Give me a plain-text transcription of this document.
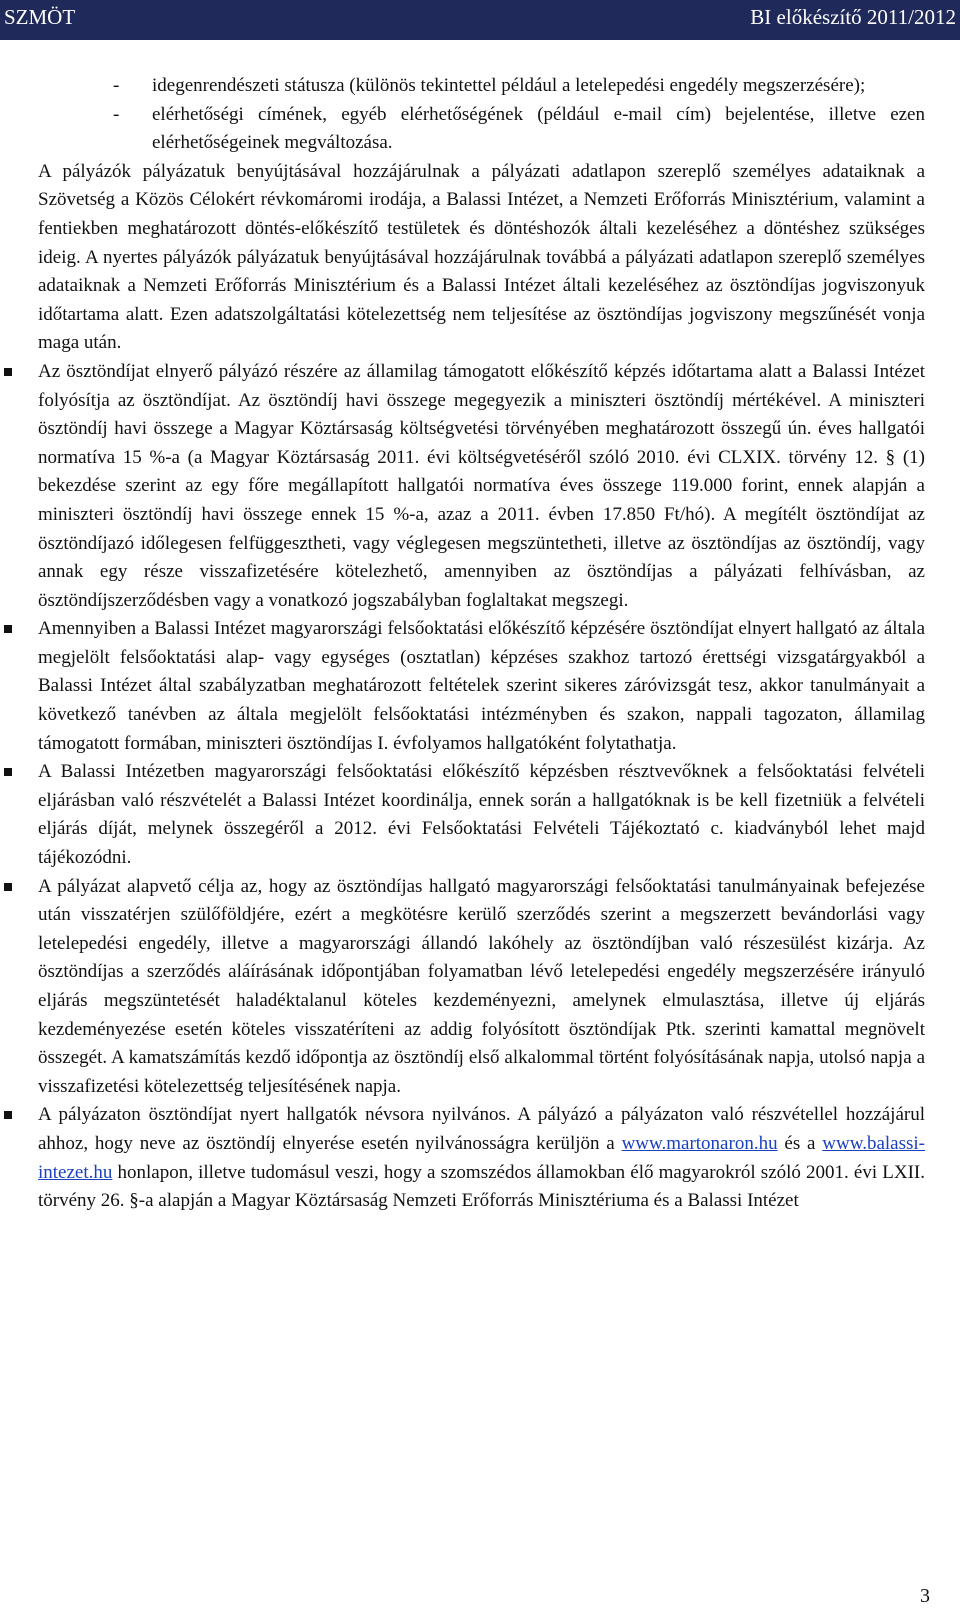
SZMÖT	BI előkészítő 2011/2012

- idegenrendészeti státusza (különös tekintettel például a letelepedési engedély megszerzésére);

- elérhetőségi címének, egyéb elérhetőségének (például e-mail cím) bejelentése, illetve ezen elérhetőségeinek megváltozása.

A pályázók pályázatuk benyújtásával hozzájárulnak a pályázati adatlapon szereplő személyes adataiknak a Szövetség a Közös Célokért révkomáromi irodája, a Balassi Intézet, a Nemzeti Erőforrás Minisztérium, valamint a fentiekben meghatározott döntés-előkészítő testületek és döntéshozók általi kezeléséhez a döntéshez szükséges ideig. A nyertes pályázók pályázatuk benyújtásával hozzájárulnak továbbá a pályázati adatlapon szereplő személyes adataiknak a Nemzeti Erőforrás Minisztérium és a Balassi Intézet általi kezeléséhez az ösztöndíjas jogviszonyuk időtartama alatt. Ezen adatszolgáltatási kötelezettség nem teljesítése az ösztöndíjas jogviszony megszűnését vonja maga után.

Az ösztöndíjat elnyerő pályázó részére az államilag támogatott előkészítő képzés időtartama alatt a Balassi Intézet folyósítja az ösztöndíjat. Az ösztöndíj havi összege megegyezik a miniszteri ösztöndíj mértékével. A miniszteri ösztöndíj havi összege a Magyar Köztársaság költségvetési törvényében meghatározott összegű ún. éves hallgatói normatíva 15 %-a (a Magyar Köztársaság 2011. évi költségvetéséről szóló 2010. évi CLXIX. törvény 12. § (1) bekezdése szerint az egy főre megállapított hallgatói normatíva éves összege 119.000 forint, ennek alapján a miniszteri ösztöndíj havi összege ennek 15 %-a, azaz a 2011. évben 17.850 Ft/hó). A megítélt ösztöndíjat az ösztöndíjazó időlegesen felfüggesztheti, vagy véglegesen megszüntetheti, illetve az ösztöndíjas az ösztöndíj, vagy annak egy része visszafizetésére kötelezhető, amennyiben az ösztöndíjas a pályázati felhívásban, az ösztöndíjszerződésben vagy a vonatkozó jogszabályban foglaltakat megszegi.

Amennyiben a Balassi Intézet magyarországi felsőoktatási előkészítő képzésére ösztöndíjat elnyert hallgató az általa megjelölt felsőoktatási alap- vagy egységes (osztatlan) képzéses szakhoz tartozó érettségi vizsgatárgyakból a Balassi Intézet által szabályzatban meghatározott feltételek szerint sikeres záróvizsgát tesz, akkor tanulmányait a következő tanévben az általa megjelölt felsőoktatási intézményben és szakon, nappali tagozaton, államilag támogatott formában, miniszteri ösztöndíjas I. évfolyamos hallgatóként folytathatja.

A Balassi Intézetben magyarországi felsőoktatási előkészítő képzésben résztvevőknek a felsőoktatási felvételi eljárásban való részvételét a Balassi Intézet koordinálja, ennek során a hallgatóknak is be kell fizetniük a felvételi eljárás díját, melynek összegéről a 2012. évi Felsőoktatási Felvételi Tájékoztató c. kiadványból lehet majd tájékozódni.

A pályázat alapvető célja az, hogy az ösztöndíjas hallgató magyarországi felsőoktatási tanulmányainak befejezése után visszatérjen szülőföldjére, ezért a megkötésre kerülő szerződés szerint a megszerzett bevándorlási vagy letelepedési engedély, illetve a magyarországi állandó lakóhely az ösztöndíjban való részesülést kizárja. Az ösztöndíjas a szerződés aláírásának időpontjában folyamatban lévő letelepedési engedély megszerzésére irányuló eljárás megszüntetését haladéktalanul köteles kezdeményezni, amelynek elmulasztása, illetve új eljárás kezdeményezése esetén köteles visszatéríteni az addig folyósított ösztöndíjak Ptk. szerinti kamattal megnövelt összegét. A kamatszámítás kezdő időpontja az ösztöndíj első alkalommal történt folyósításának napja, utolsó napja a visszafizetési kötelezettség teljesítésének napja.

A pályázaton ösztöndíjat nyert hallgatók névsora nyilvános. A pályázó a pályázaton való részvétellel hozzájárul ahhoz, hogy neve az ösztöndíj elnyerése esetén nyilvánosságra kerüljön a www.martonaron.hu és a www.balassi-intezet.hu honlapon, illetve tudomásul veszi, hogy a szomszédos államokban élő magyarokról szóló 2001. évi LXII. törvény 26. §-a alapján a Magyar Köztársaság Nemzeti Erőforrás Minisztériuma és a Balassi Intézet

3
